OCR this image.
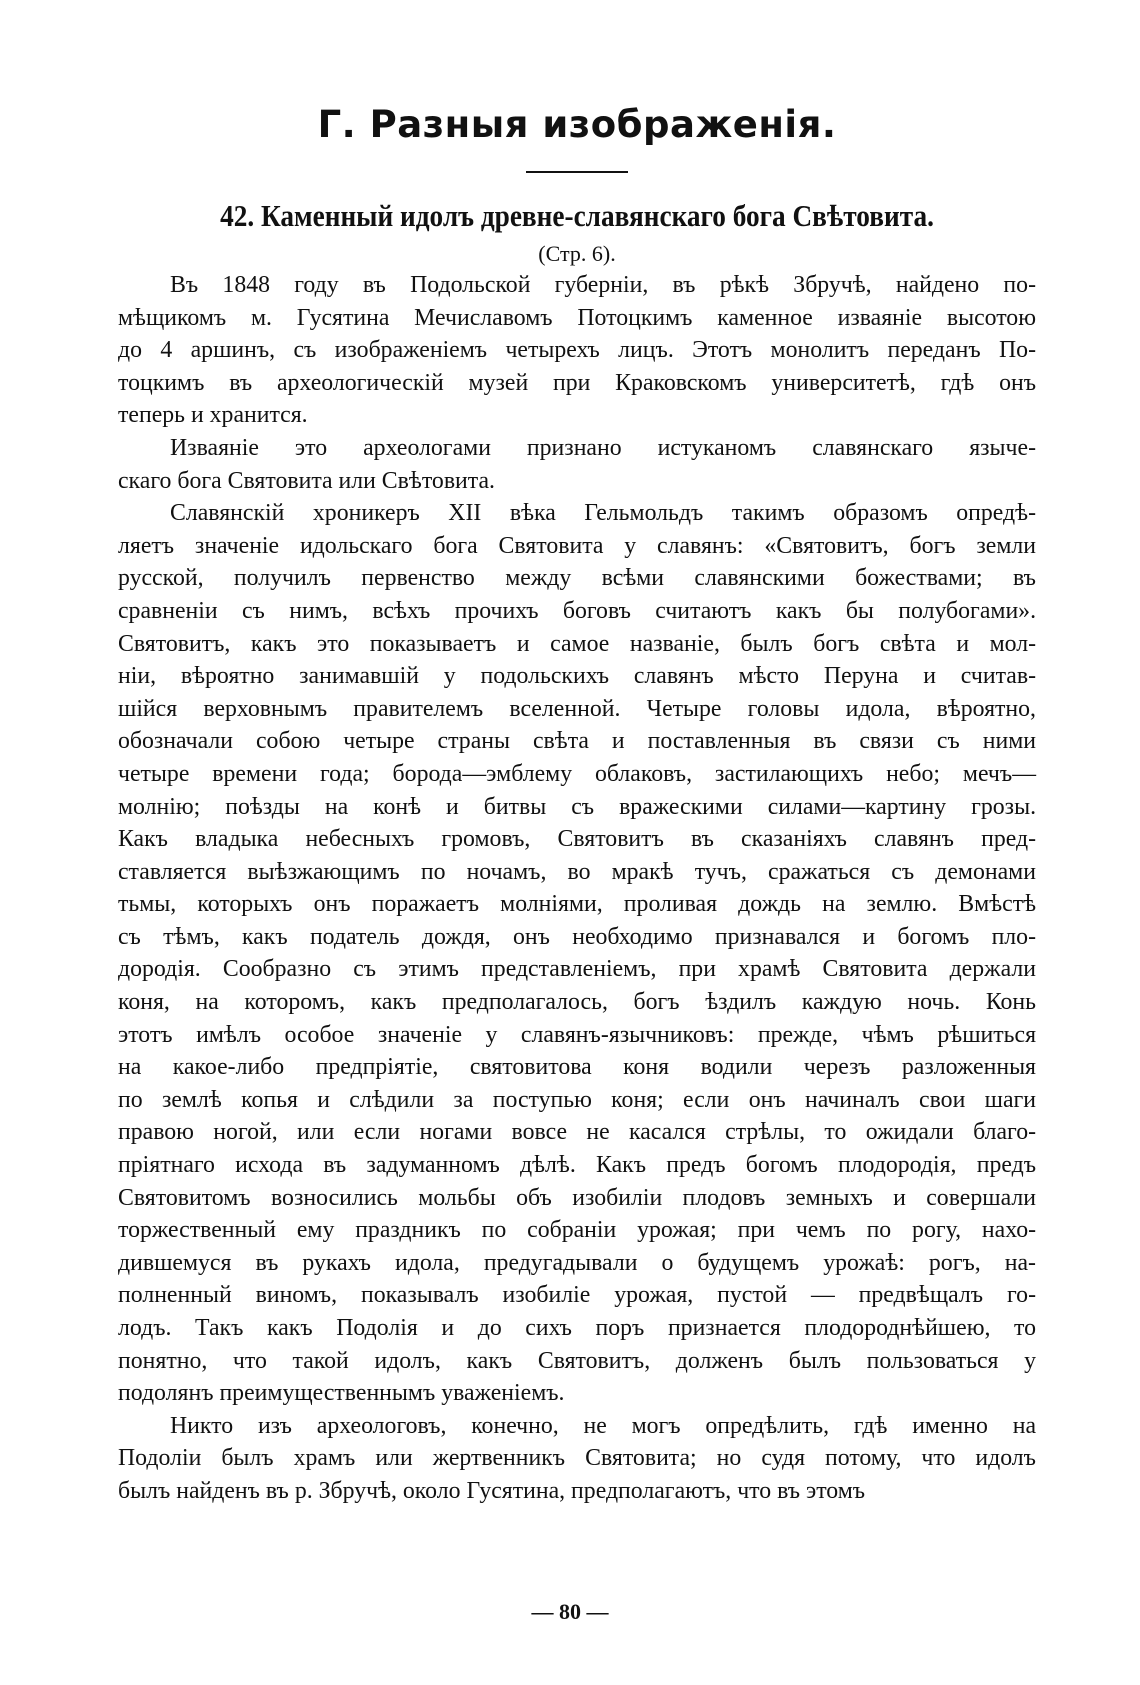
Г. Разныя изображенія.
42. Каменный идолъ древне-славянскаго бога Свѣтовита.
(Стр. 6).
Въ 1848 году въ Подольской губерніи, въ рѣкѣ Збручѣ, найдено по-
мѣщикомъ м. Гусятина Мечиславомъ Потоцкимъ каменное изваяніе высотою
до 4 аршинъ, съ изображеніемъ четырехъ лицъ. Этотъ монолитъ переданъ По-
тоцкимъ въ археологическій музей при Краковскомъ университетѣ, гдѣ онъ
теперь и хранится.
Изваяніе это археологами признано истуканомъ славянскаго язычe-
скаго бога Святовита или Свѣтовита.
Славянскій хроникеръ XII вѣка Гельмольдъ такимъ образомъ опредѣ-
ляетъ значеніе идольскаго бога Святовита у славянъ: «Святовитъ, богъ земли
русской, получилъ первенство между всѣми славянскими божествами; въ
сравненіи съ нимъ, всѣхъ прочихъ боговъ считаютъ какъ бы полубогами».
Святовитъ, какъ это показываетъ и самое названіе, былъ богъ свѣта и мол-
ніи, вѣроятно занимавшій у подольскихъ славянъ мѣсто Перуна и считав-
шійся верховнымъ правителемъ вселенной. Четыре головы идола, вѣроятно,
обозначали собою четыре страны свѣта и поставленныя въ связи съ ними
четыре времени года; борода—эмблему облаковъ, застилающихъ небо; мечъ—
молнію; поѣзды на конѣ и битвы съ вражескими силами—картину грозы.
Какъ владыка небесныхъ громовъ, Святовитъ въ сказаніяхъ славянъ пред-
ставляется выѣзжающимъ по ночамъ, во мракѣ тучъ, сражаться съ демонами
тьмы, которыхъ онъ поражаетъ молніями, проливая дождь на землю. Вмѣстѣ
съ тѣмъ, какъ податель дождя, онъ необходимо признавался и богомъ пло-
дородія. Сообразно съ этимъ представленіемъ, при храмѣ Святовита держали
коня, на которомъ, какъ предполагалось, богъ ѣздилъ каждую ночь. Конь
этотъ имѣлъ особое значеніе у славянъ-язычниковъ: прежде, чѣмъ рѣшиться
на какое-либо предпріятіе, святовитова коня водили черезъ разложенныя
по землѣ копья и слѣдили за поступью коня; если онъ начиналъ свои шаги
правою ногой, или если ногами вовсе не касался стрѣлы, то ожидали благо-
пріятнаго исхода въ задуманномъ дѣлѣ. Какъ предъ богомъ плодородія, предъ
Святовитомъ возносились мольбы объ изобиліи плодовъ земныхъ и совершали
торжественный ему праздникъ по собраніи урожая; при чемъ по рогу, нахо-
дившемуся въ рукахъ идола, предугадывали о будущемъ урожаѣ: рогъ, на-
полненный виномъ, показывалъ изобиліе урожая, пустой — предвѣщалъ го-
лодъ. Такъ какъ Подолія и до сихъ поръ признается плодороднѣйшею, то
понятно, что такой идолъ, какъ Святовитъ, долженъ былъ пользоваться у
подолянъ преимущественнымъ уваженіемъ.
Никто изъ археологовъ, конечно, не могъ опредѣлить, гдѣ именно на
Подоліи былъ храмъ или жертвенникъ Святовита; но судя потому, что идолъ
былъ найденъ въ р. Збручѣ, около Гусятина, предполагаютъ, что въ этомъ
— 80 —
